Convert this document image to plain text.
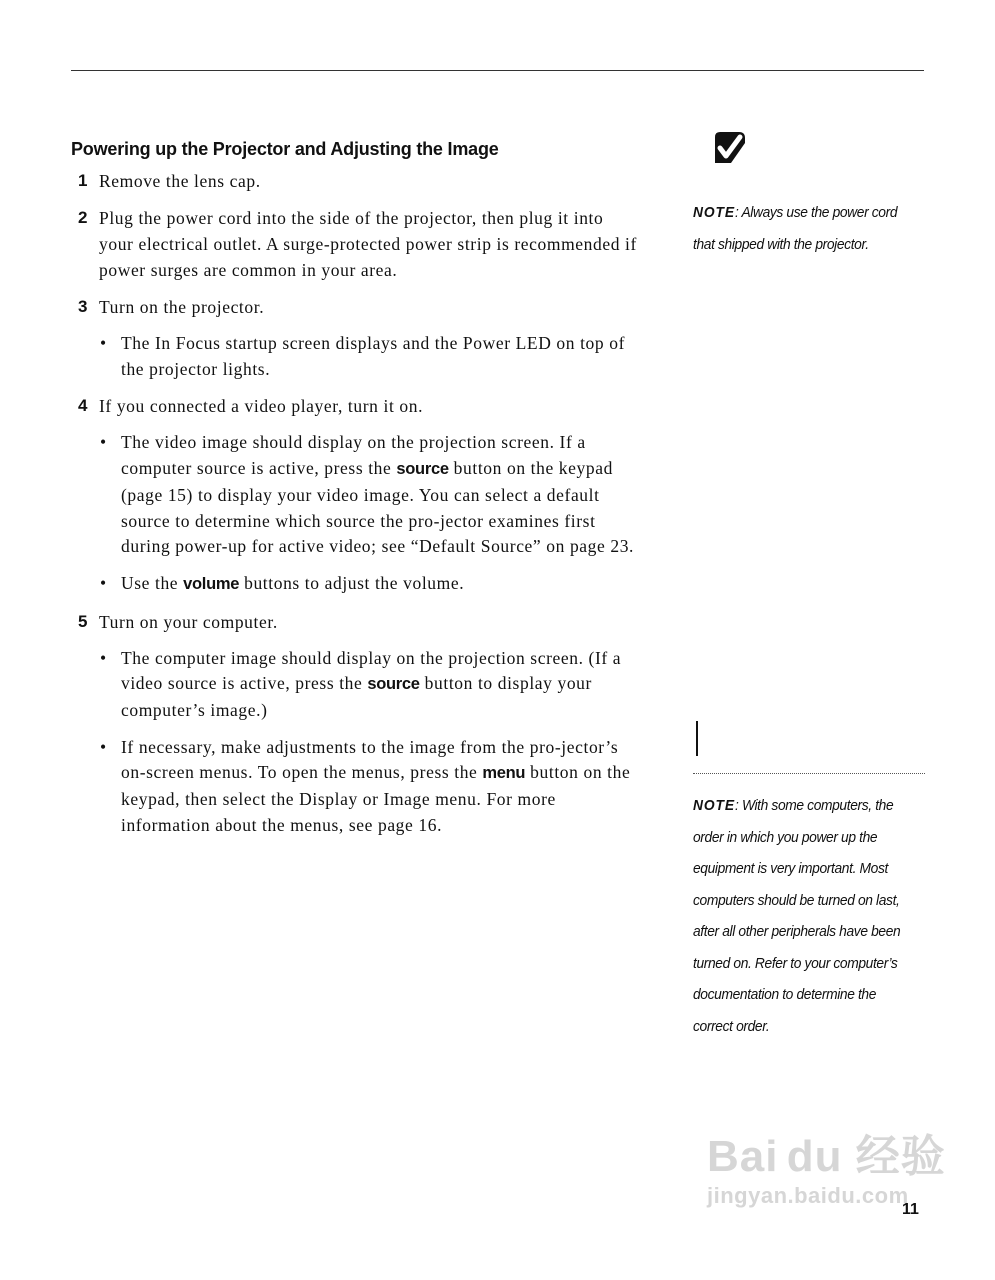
Powering up the Projector and Adjusting the Image
1 Remove the lens cap.
2 Plug the power cord into the side of the projector, then plug it into your electrical outlet. A surge-protected power strip is recommended if power surges are common in your area.
3 Turn on the projector.
• The In Focus startup screen displays and the Power LED on top of the projector lights.
4 If you connected a video player, turn it on.
• The video image should display on the projection screen. If a computer source is active, press the source button on the keypad (page 15) to display your video image. You can select a default source to determine which source the pro-jector examines first during power-up for active video; see “Default Source” on page 23.
• Use the volume buttons to adjust the volume.
5 Turn on your computer.
• The computer image should display on the projection screen. (If a video source is active, press the source button to display your computer’s image.)
• If necessary, make adjustments to the image from the pro-jector’s on-screen menus. To open the menus, press the menu button on the keypad, then select the Display or Image menu. For more information about the menus, see page 16.
NOTE: Always use the power cord that shipped with the projector.
NOTE: With some computers, the order in which you power up the equipment is very important. Most computers should be turned on last, after all other peripherals have been turned on. Refer to your computer’s documentation to determine the correct order.
Bai du 经验
jingyan.baidu.com
11
